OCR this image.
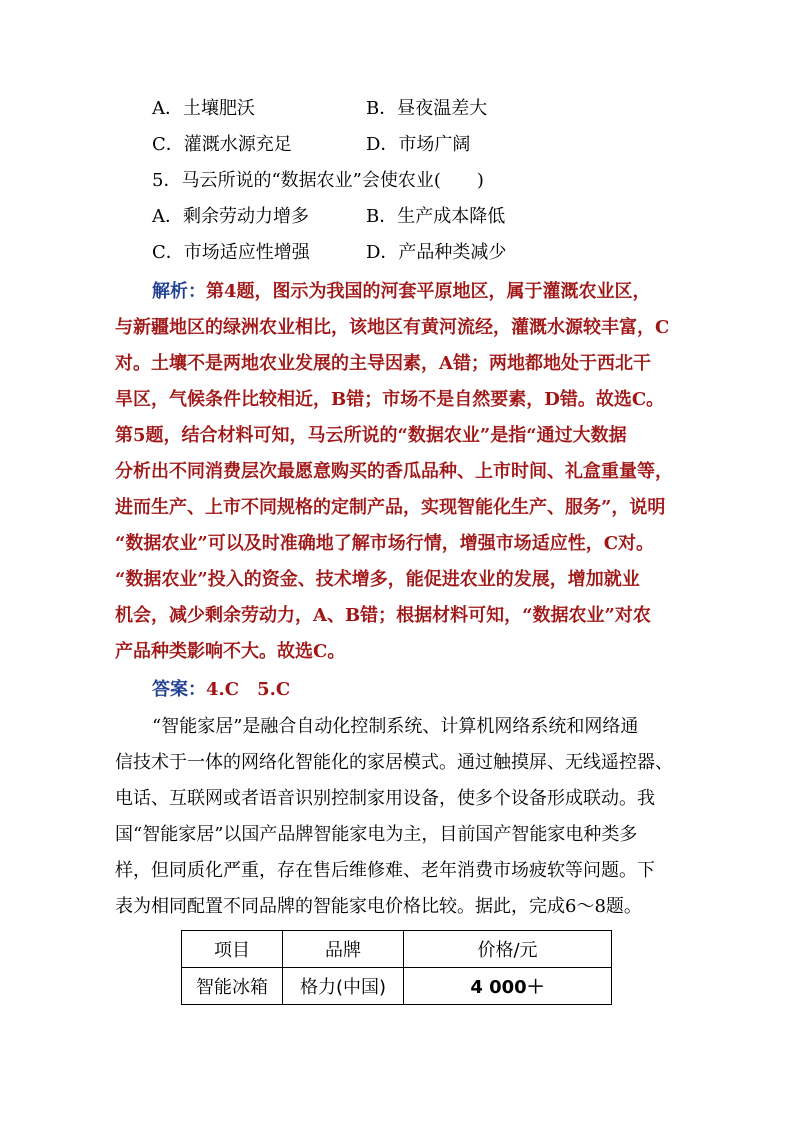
A．土壤肥沃	B．昼夜温差大
C．灌溉水源充足	D．市场广阔
5．马云所说的“数据农业”会使农业(　　)
A．剩余劳动力增多	B．生产成本降低
C．市场适应性增强	D．产品种类减少
解析：第4题，图示为我国的河套平原地区，属于灌溉农业区，
与新疆地区的绿洲农业相比，该地区有黄河流经，灌溉水源较丰富，C
对。土壤不是两地农业发展的主导因素，A错；两地都地处于西北干
旱区，气候条件比较相近，B错；市场不是自然要素，D错。故选C。
第5题，结合材料可知，马云所说的“数据农业”是指“通过大数据
分析出不同消费层次最愿意购买的香瓜品种、上市时间、礼盒重量等，
进而生产、上市不同规格的定制产品，实现智能化生产、服务”，说明
“数据农业”可以及时准确地了解市场行情，增强市场适应性，C对。
“数据农业”投入的资金、技术增多，能促进农业的发展，增加就业
机会，减少剩余劳动力，A、B错；根据材料可知，“数据农业”对农
产品种类影响不大。故选C。
答案：4.C　5.C
“智能家居”是融合自动化控制系统、计算机网络系统和网络通
信技术于一体的网络化智能化的家居模式。通过触摸屏、无线遥控器、
电话、互联网或者语音识别控制家用设备，使多个设备形成联动。我
国“智能家居”以国产品牌智能家电为主，目前国产智能家电种类多
样，但同质化严重，存在售后维修难、老年消费市场疲软等问题。下
表为相同配置不同品牌的智能家电价格比较。据此，完成6～8题。
项目	品牌	价格/元
智能冰箱	格力(中国)	4 000＋
